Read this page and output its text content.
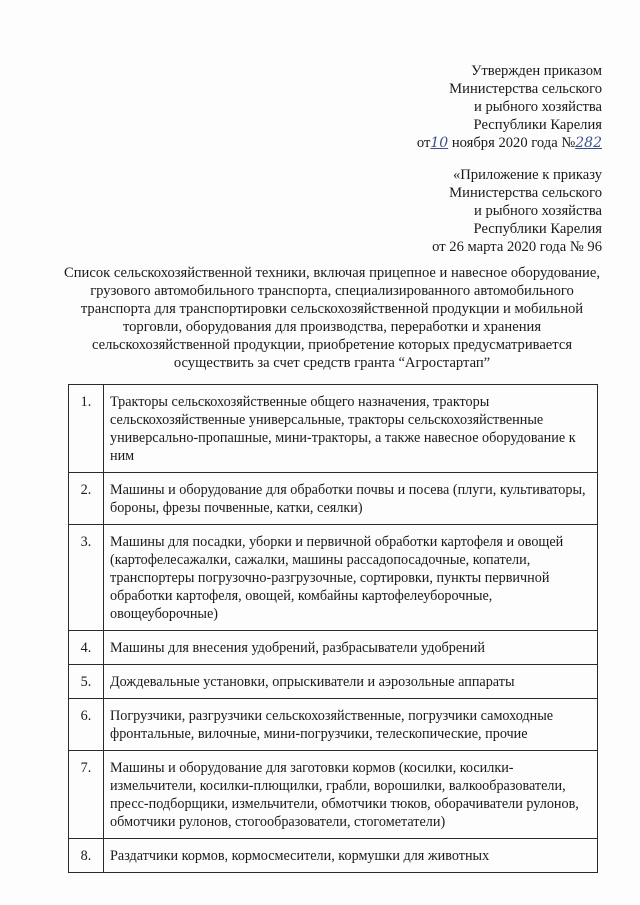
Утвержден приказом
Министерства сельского
и рыбного хозяйства
Республики Карелия
от10 ноября 2020 года №282
«Приложение к приказу
Министерства сельского
и рыбного хозяйства
Республики Карелия
от 26 марта 2020 года № 96
Список сельскохозяйственной техники, включая прицепное и навесное оборудование, грузового автомобильного транспорта, специализированного автомобильного транспорта для транспортировки сельскохозяйственной продукции и мобильной торговли, оборудования для производства, переработки и хранения сельскохозяйственной продукции, приобретение которых предусматривается осуществить за счет средств гранта “Агростартап”
1.	Тракторы сельскохозяйственные общего назначения, тракторы сельскохозяйственные универсальные, тракторы сельскохозяйственные универсально-пропашные, мини-тракторы, а также навесное оборудование к ним
2.	Машины и оборудование для обработки почвы и посева (плуги, культиваторы, бороны, фрезы почвенные, катки, сеялки)
3.	Машины для посадки, уборки и первичной обработки картофеля и овощей (картофелесажалки, сажалки, машины рассадопосадочные, копатели, транспортеры погрузочно-разгрузочные, сортировки, пункты первичной обработки картофеля, овощей, комбайны картофелеуборочные, овощеуборочные)
4.	Машины для внесения удобрений, разбрасыватели удобрений
5.	Дождевальные установки, опрыскиватели и аэрозольные аппараты
6.	Погрузчики, разгрузчики сельскохозяйственные, погрузчики самоходные фронтальные, вилочные, мини-погрузчики, телескопические, прочие
7.	Машины и оборудование для заготовки кормов (косилки, косилки-измельчители, косилки-плющилки, грабли, ворошилки, валкообразователи, пресс-подборщики, измельчители, обмотчики тюков, оборачиватели рулонов, обмотчики рулонов, стогообразователи, стогометатели)
8.	Раздатчики кормов, кормосмесители, кормушки для животных
